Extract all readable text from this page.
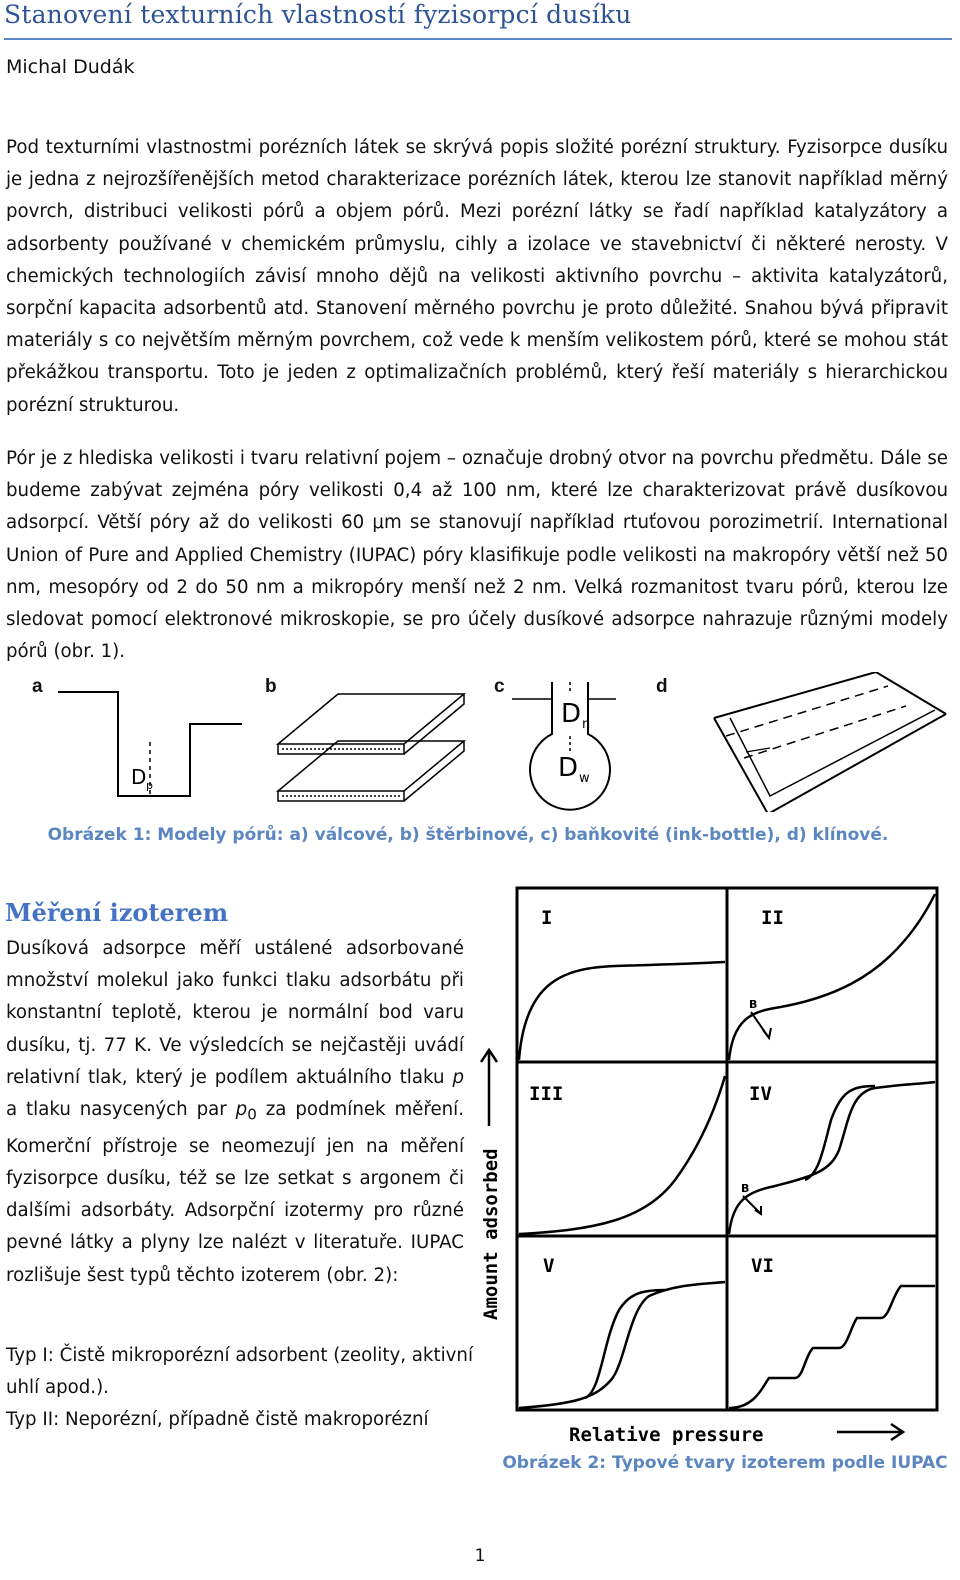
Stanovení texturních vlastností fyzisorpcí dusíku
Michal Dudák
Pod texturními vlastnostmi porézních látek se skrývá popis složité porézní struktury. Fyzisorpce dusíku je jedna z nejrozšířenějších metod charakterizace porézních látek, kterou lze stanovit například měrný povrch, distribuci velikosti pórů a objem pórů. Mezi porézní látky se řadí například katalyzátory a adsorbenty používané v chemickém průmyslu, cihly a izolace ve stavebnictví či některé nerosty. V chemických technologiích závisí mnoho dějů na velikosti aktivního povrchu – aktivita katalyzátorů, sorpční kapacita adsorbentů atd. Stanovení měrného povrchu je proto důležité. Snahou bývá připravit materiály s co největším měrným povrchem, což vede k menším velikostem pórů, které se mohou stát překážkou transportu. Toto je jeden z optimalizačních problémů, který řeší materiály s hierarchickou porézní strukturou.
Pór je z hlediska velikosti i tvaru relativní pojem – označuje drobný otvor na povrchu předmětu. Dále se budeme zabývat zejména póry velikosti 0,4 až 100 nm, které lze charakterizovat právě dusíkovou adsorpcí. Větší póry až do velikosti 60 μm se stanovují například rtuťovou porozimetrií. International Union of Pure and Applied Chemistry (IUPAC) póry klasifikuje podle velikosti na makropóry větší než 50 nm, mesopóry od 2 do 50 nm a mikropóry menší než 2 nm. Velká rozmanitost tvaru pórů, kterou lze sledovat pomocí elektronové mikroskopie, se pro účely dusíkové adsorpce nahrazuje různými modely pórů (obr. 1).
a	b	c	d
D p
D n
D w
Obrázek 1: Modely pórů: a) válcové, b) štěrbinové, c) baňkovité (ink-bottle), d) klínové.
Měření izoterem
Dusíková adsorpce měří ustálené adsorbované množství molekul jako funkci tlaku adsorbátu při konstantní teplotě, kterou je normální bod varu dusíku, tj. 77 K. Ve výsledcích se nejčastěji uvádí relativní tlak, který je podílem aktuálního tlaku p a tlaku nasycených par $p_0$ za podmínek měření. Komerční přístroje se neomezují jen na měření fyzisorpce dusíku, též se lze setkat s argonem či dalšími adsorbáty. Adsorpční izotermy pro různé pevné látky a plyny lze nalézt v literatuře. IUPAC rozlišuje šest typů těchto izoterem (obr. 2):
Typ I: Čistě mikroporézní adsorbent (zeolity, aktivní uhlí apod.).
Typ II: Neporézní, případně čistě makroporézní
Amount adsorbed
Relative pressure
I	II
III	IV
V	VI
B
B
Obrázek 2: Typové tvary izoterem podle IUPAC
1
